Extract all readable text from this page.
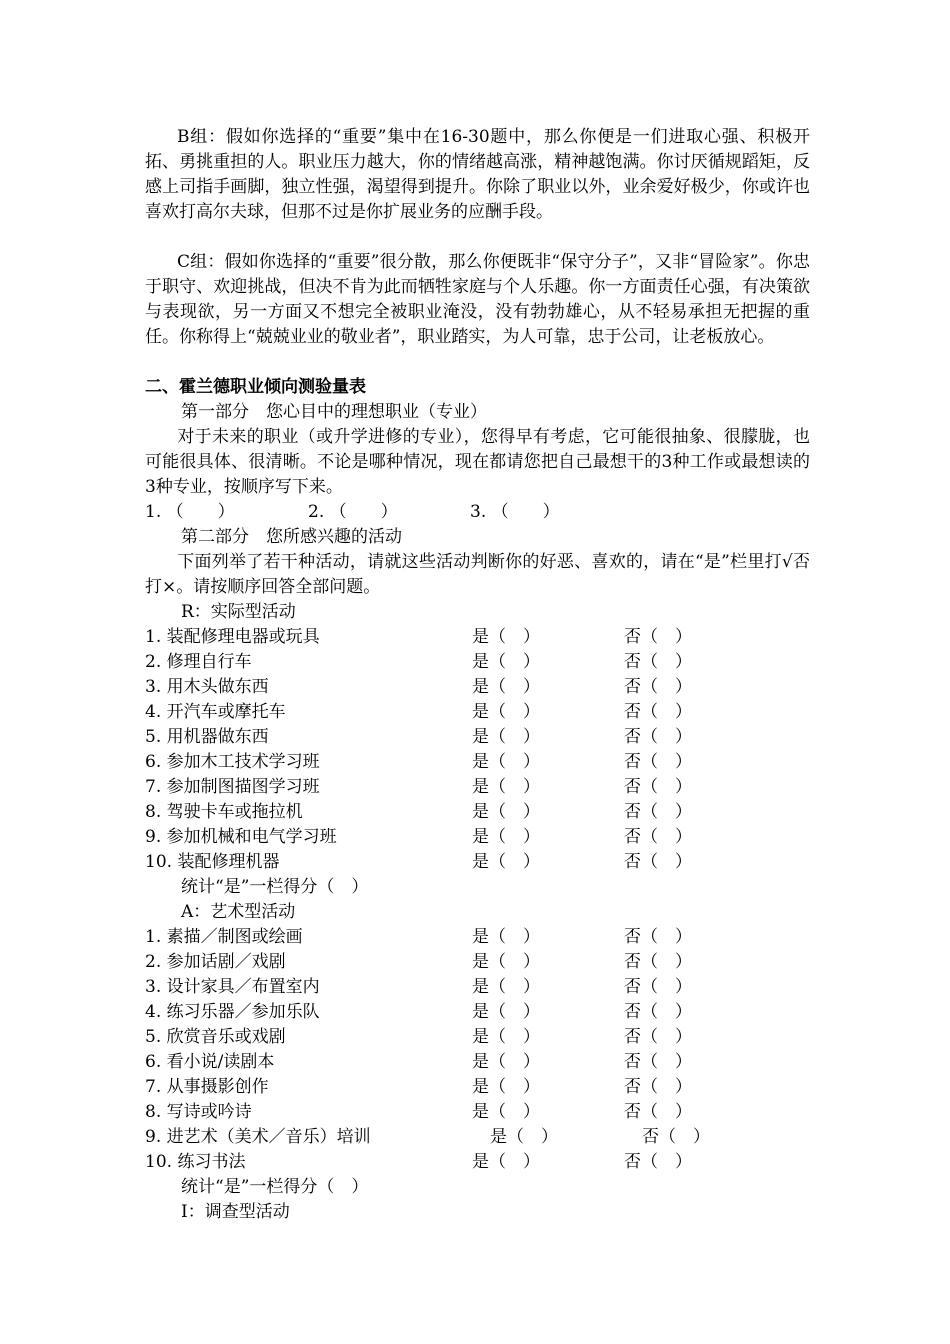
B组：假如你选择的“重要”集中在16-30题中，那么你便是一们进取心强、积极开拓、勇挑重担的人。职业压力越大，你的情绪越高涨，精神越饱满。你讨厌循规蹈矩，反感上司指手画脚，独立性强，渴望得到提升。你除了职业以外，业余爱好极少，你或许也喜欢打高尔夫球，但那不过是你扩展业务的应酬手段。

C组：假如你选择的“重要”很分散，那么你便既非“保守分子”，又非“冒险家”。你忠于职守、欢迎挑战，但决不肯为此而牺牲家庭与个人乐趣。你一方面责任心强，有决策欲与表现欲，另一方面又不想完全被职业淹没，没有勃勃雄心，从不轻易承担无把握的重任。你称得上“兢兢业业的敬业者”，职业踏实，为人可靠，忠于公司，让老板放心。

二、霍兰德职业倾向测验量表
第一部分　您心目中的理想职业（专业）

对于未来的职业（或升学进修的专业），您得早有考虑，它可能很抽象、很朦胧，也可能很具体、很清晰。不论是哪种情况，现在都请您把自己最想干的3种工作或最想读的3种专业，按顺序写下来。

1. （　　）	2. （　　）	3. （　　）
第二部分　您所感兴趣的活动

下面列举了若干种活动，请就这些活动判断你的好恶、喜欢的，请在“是”栏里打√否打×。请按顺序回答全部问题。

R：实际型活动
1. 装配修理电器或玩具	是（　）	否（　）
2. 修理自行车	是（　）	否（　）
3. 用木头做东西	是（　）	否（　）
4. 开汽车或摩托车	是（　）	否（　）
5. 用机器做东西	是（　）	否（　）
6. 参加木工技术学习班	是（　）	否（　）
7. 参加制图描图学习班	是（　）	否（　）
8. 驾驶卡车或拖拉机	是（　）	否（　）
9. 参加机械和电气学习班	是（　）	否（　）
10. 装配修理机器	是（　）	否（　）
统计“是”一栏得分（　）
A：艺术型活动
1. 素描／制图或绘画	是（　）	否（　）
2. 参加话剧／戏剧	是（　）	否（　）
3. 设计家具／布置室内	是（　）	否（　）
4. 练习乐器／参加乐队	是（　）	否（　）
5. 欣赏音乐或戏剧	是（　）	否（　）
6. 看小说/读剧本	是（　）	否（　）
7. 从事摄影创作	是（　）	否（　）
8. 写诗或吟诗	是（　）	否（　）
9. 进艺术（美术／音乐）培训	是（　）	否（　）
10. 练习书法	是（　）	否（　）
统计“是”一栏得分（　）
I：调查型活动
